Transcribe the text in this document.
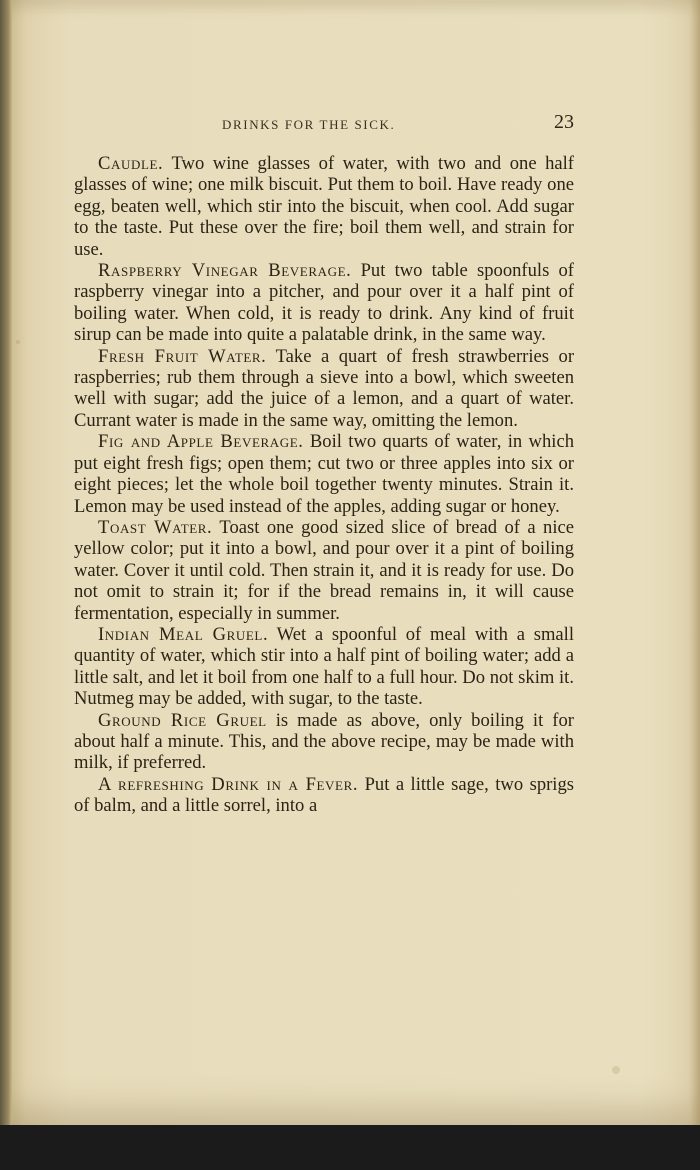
DRINKS FOR THE SICK.	23

Caudle. Two wine glasses of water, with two and one half glasses of wine; one milk biscuit. Put them to boil. Have ready one egg, beaten well, which stir into the biscuit, when cool. Add sugar to the taste. Put these over the fire; boil them well, and strain for use.

Raspberry Vinegar Beverage. Put two table spoonfuls of raspberry vinegar into a pitcher, and pour over it a half pint of boiling water. When cold, it is ready to drink. Any kind of fruit sirup can be made into quite a palatable drink, in the same way.

Fresh Fruit Water. Take a quart of fresh strawberries or raspberries; rub them through a sieve into a bowl, which sweeten well with sugar; add the juice of a lemon, and a quart of water. Currant water is made in the same way, omitting the lemon.

Fig and Apple Beverage. Boil two quarts of water, in which put eight fresh figs; open them; cut two or three apples into six or eight pieces; let the whole boil together twenty minutes. Strain it. Lemon may be used instead of the apples, adding sugar or honey.

Toast Water. Toast one good sized slice of bread of a nice yellow color; put it into a bowl, and pour over it a pint of boiling water. Cover it until cold. Then strain it, and it is ready for use. Do not omit to strain it; for if the bread remains in, it will cause fermentation, especially in summer.

Indian Meal Gruel. Wet a spoonful of meal with a small quantity of water, which stir into a half pint of boiling water; add a little salt, and let it boil from one half to a full hour. Do not skim it. Nutmeg may be added, with sugar, to the taste.

Ground Rice Gruel is made as above, only boiling it for about half a minute. This, and the above recipe, may be made with milk, if preferred.

A refreshing Drink in a Fever. Put a little sage, two sprigs of balm, and a little sorrel, into a
